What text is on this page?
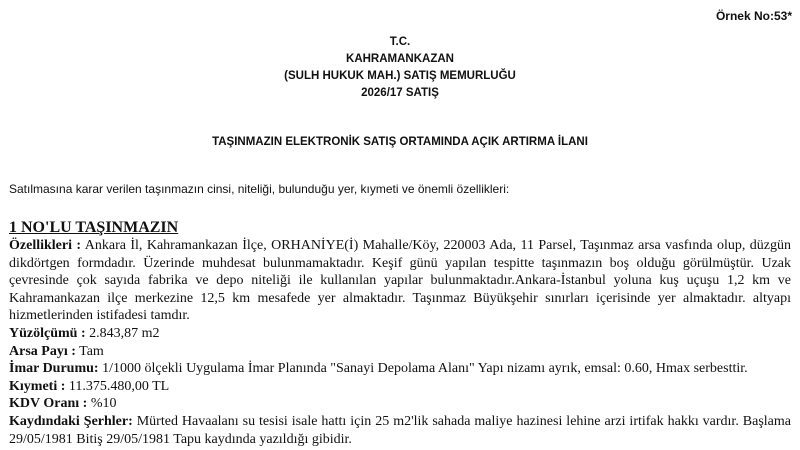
Örnek No:53*
T.C.
KAHRAMANKAZAN
(SULH HUKUK MAH.) SATIŞ MEMURLUĞU
2026/17 SATIŞ
TAŞINMAZIN ELEKTRONİK SATIŞ ORTAMINDA AÇIK ARTIRMA İLANI
Satılmasına karar verilen taşınmazın cinsi, niteliği, bulunduğu yer, kıymeti ve önemli özellikleri:

1 NO'LU TAŞINMAZIN

Özellikleri : Ankara İl, Kahramankazan İlçe, ORHANİYE(İ) Mahalle/Köy, 220003 Ada, 11 Parsel, Taşınmaz arsa vasfında olup, düzgün dikdörtgen formdadır. Üzerinde muhdesat bulunmamaktadır. Keşif günü yapılan tespitte taşınmazın boş olduğu görülmüştür. Uzak çevresinde çok sayıda fabrika ve depo niteliği ile kullanılan yapılar bulunmaktadır.Ankara-İstanbul yoluna kuş uçuşu 1,2 km ve Kahramankazan ilçe merkezine 12,5 km mesafede yer almaktadır. Taşınmaz Büyükşehir sınırları içerisinde yer almaktadır. altyapı hizmetlerinden istifadesi tamdır.

Yüzölçümü : 2.843,87 m2

Arsa Payı : Tam

İmar Durumu: 1/1000 ölçekli Uygulama İmar Planında "Sanayi Depolama Alanı" Yapı nizamı ayrık, emsal: 0.60, Hmax serbesttir.

Kıymeti : 11.375.480,00 TL

KDV Oranı : %10

Kaydındaki Şerhler: Mürted Havaalanı su tesisi isale hattı için 25 m2'lik sahada maliye hazinesi lehine arzi irtifak hakkı vardır. Başlama 29/05/1981 Bitiş 29/05/1981 Tapu kaydında yazıldığı gibidir.
